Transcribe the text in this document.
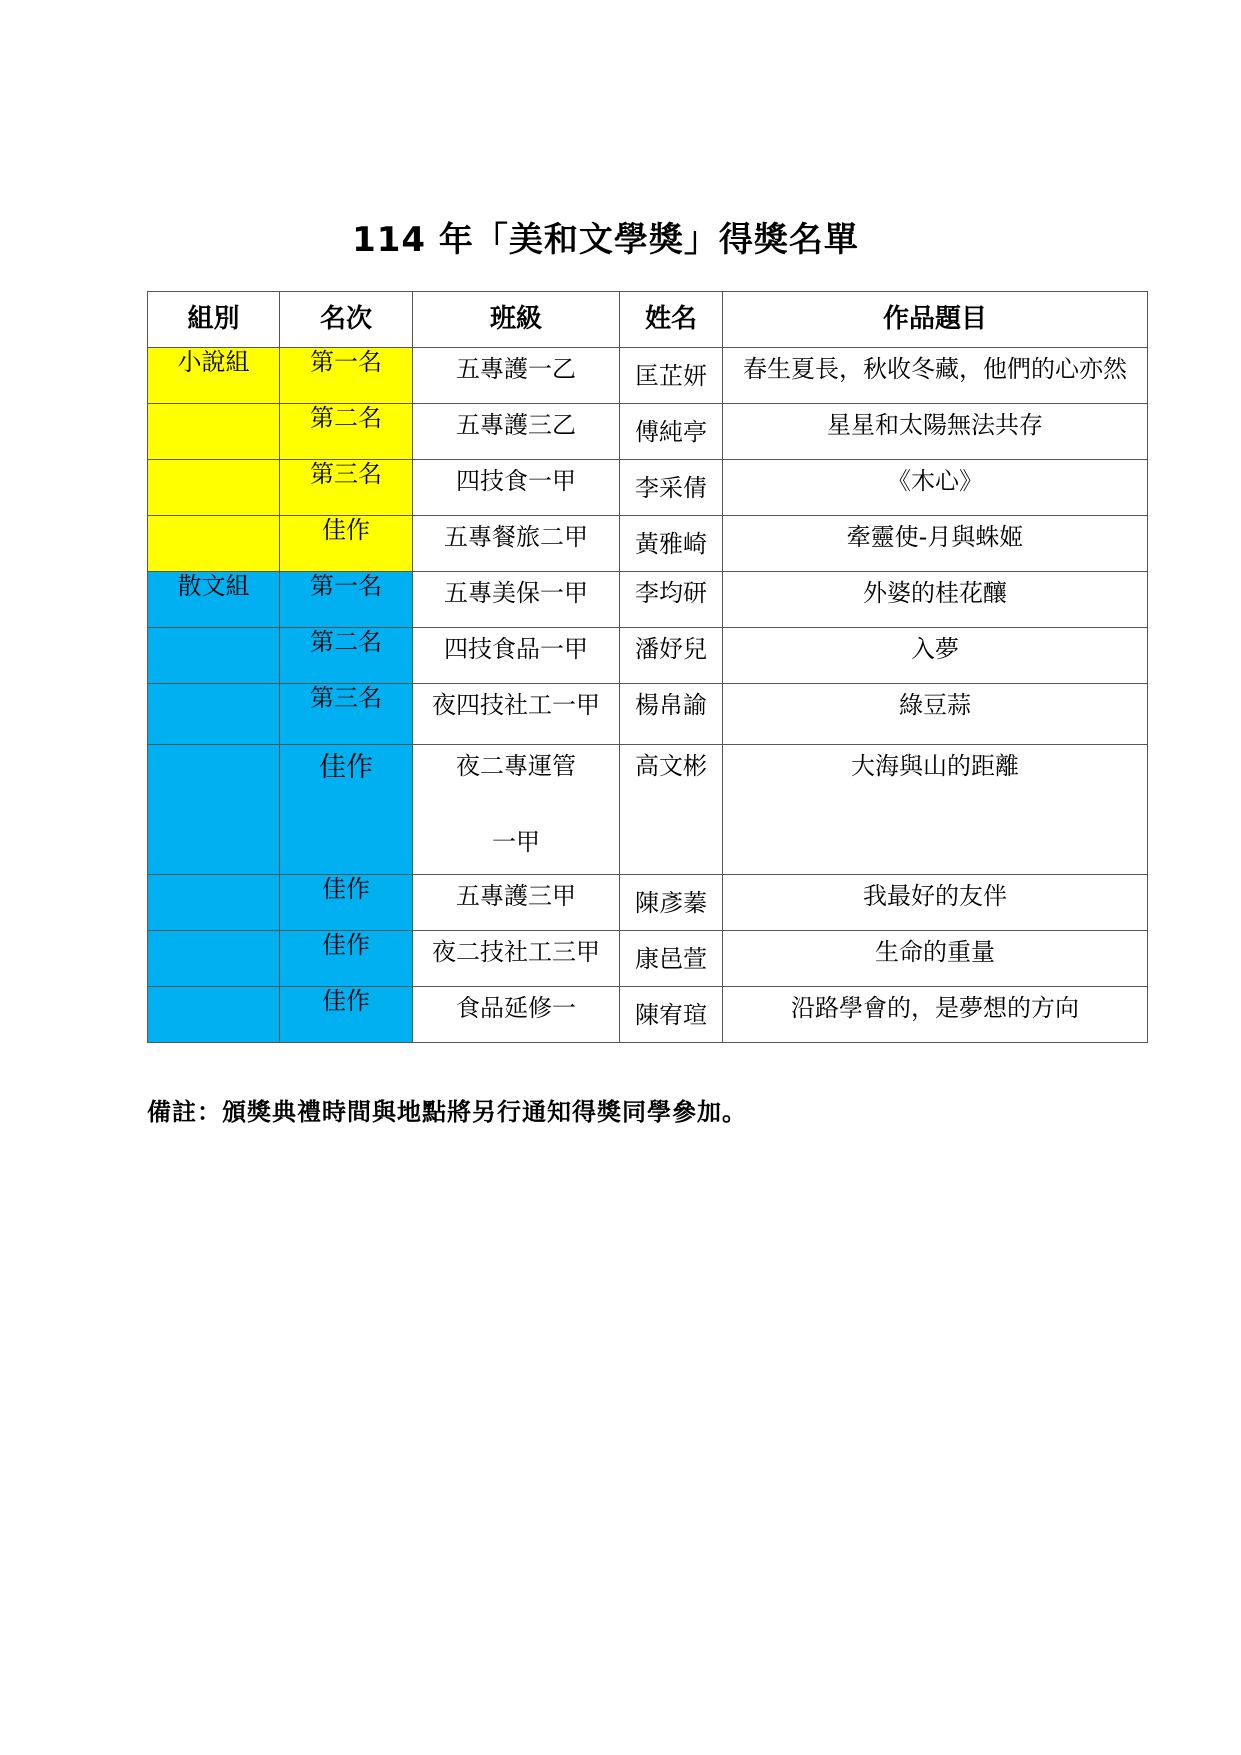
114 年「美和文學獎」得獎名單
組別	名次	班級	姓名	作品題目

小說組	第一名	五專護一乙	匡芷妍	春生夏長，秋收冬藏，他們的心亦然

	第二名	五專護三乙	傅純亭	星星和太陽無法共存

	第三名	四技食一甲	李采倩	《木心》

	佳作	五專餐旅二甲	黃雅崎	牽靈使-月與蛛姬

散文組	第一名	五專美保一甲	李均研	外婆的桂花釀

	第二名	四技食品一甲	潘妤兒	入夢

	第三名	夜四技社工一甲	楊帛諭	綠豆蒜

	佳作	夜二專運管
一甲	高文彬	大海與山的距離

	佳作	五專護三甲	陳彥蓁	我最好的友伴

	佳作	夜二技社工三甲	康邑萱	生命的重量

	佳作	食品延修一	陳宥瑄	沿路學會的，是夢想的方向
備註：頒獎典禮時間與地點將另行通知得獎同學參加。
